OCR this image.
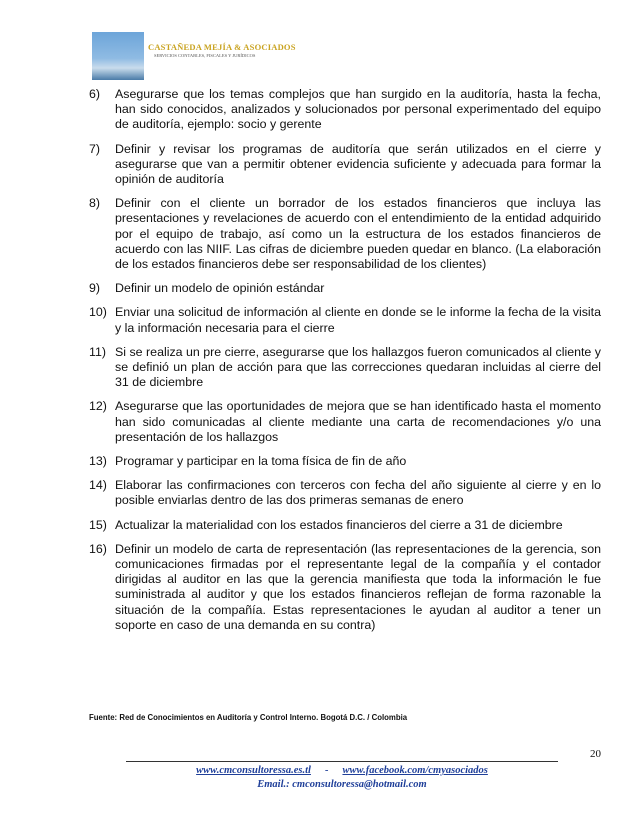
CASTAÑEDA MEJÍA & ASOCIADOS
SERVICIOS CONTABLES, FISCALES Y JURÍDICOS
6) Asegurarse que los temas complejos que han surgido en la auditoría, hasta la fecha, han sido conocidos, analizados y solucionados por personal experimentado del equipo de auditoría, ejemplo: socio y gerente
7) Definir y revisar los programas de auditoría que serán utilizados en el cierre y asegurarse que van a permitir obtener evidencia suficiente y adecuada para formar la opinión de auditoría
8) Definir con el cliente un borrador de los estados financieros que incluya las presentaciones y revelaciones de acuerdo con el entendimiento de la entidad adquirido por el equipo de trabajo, así como un la estructura de los estados financieros de acuerdo con las NIIF. Las cifras de diciembre pueden quedar en blanco. (La elaboración de los estados financieros debe ser responsabilidad de los clientes)
9) Definir un modelo de opinión estándar
10) Enviar una solicitud de información al cliente en donde se le informe la fecha de la visita y la información necesaria para el cierre
11) Si se realiza un pre cierre, asegurarse que los hallazgos fueron comunicados al cliente y se definió un plan de acción para que las correcciones quedaran incluidas al cierre del 31 de diciembre
12) Asegurarse que las oportunidades de mejora que se han identificado hasta el momento han sido comunicadas al cliente mediante una carta de recomendaciones y/o una presentación de los hallazgos
13) Programar y participar en la toma física de fin de año
14) Elaborar las confirmaciones con terceros con fecha del año siguiente al cierre y en lo posible enviarlas dentro de las dos primeras semanas de enero
15) Actualizar la materialidad con los estados financieros del cierre a 31 de diciembre
16) Definir un modelo de carta de representación (las representaciones de la gerencia, son comunicaciones firmadas por el representante legal de la compañía y el contador dirigidas al auditor en las que la gerencia manifiesta que toda la información le fue suministrada al auditor y que los estados financieros reflejan de forma razonable la situación de la compañía. Estas representaciones le ayudan al auditor a tener un soporte en caso de una demanda en su contra)
Fuente: Red de Conocimientos en Auditoría y Control Interno. Bogotá D.C. / Colombia
20
www.cmconsultoressa.es.tl - www.facebook.com/cmyasociados
Email.: cmconsultoressa@hotmail.com
